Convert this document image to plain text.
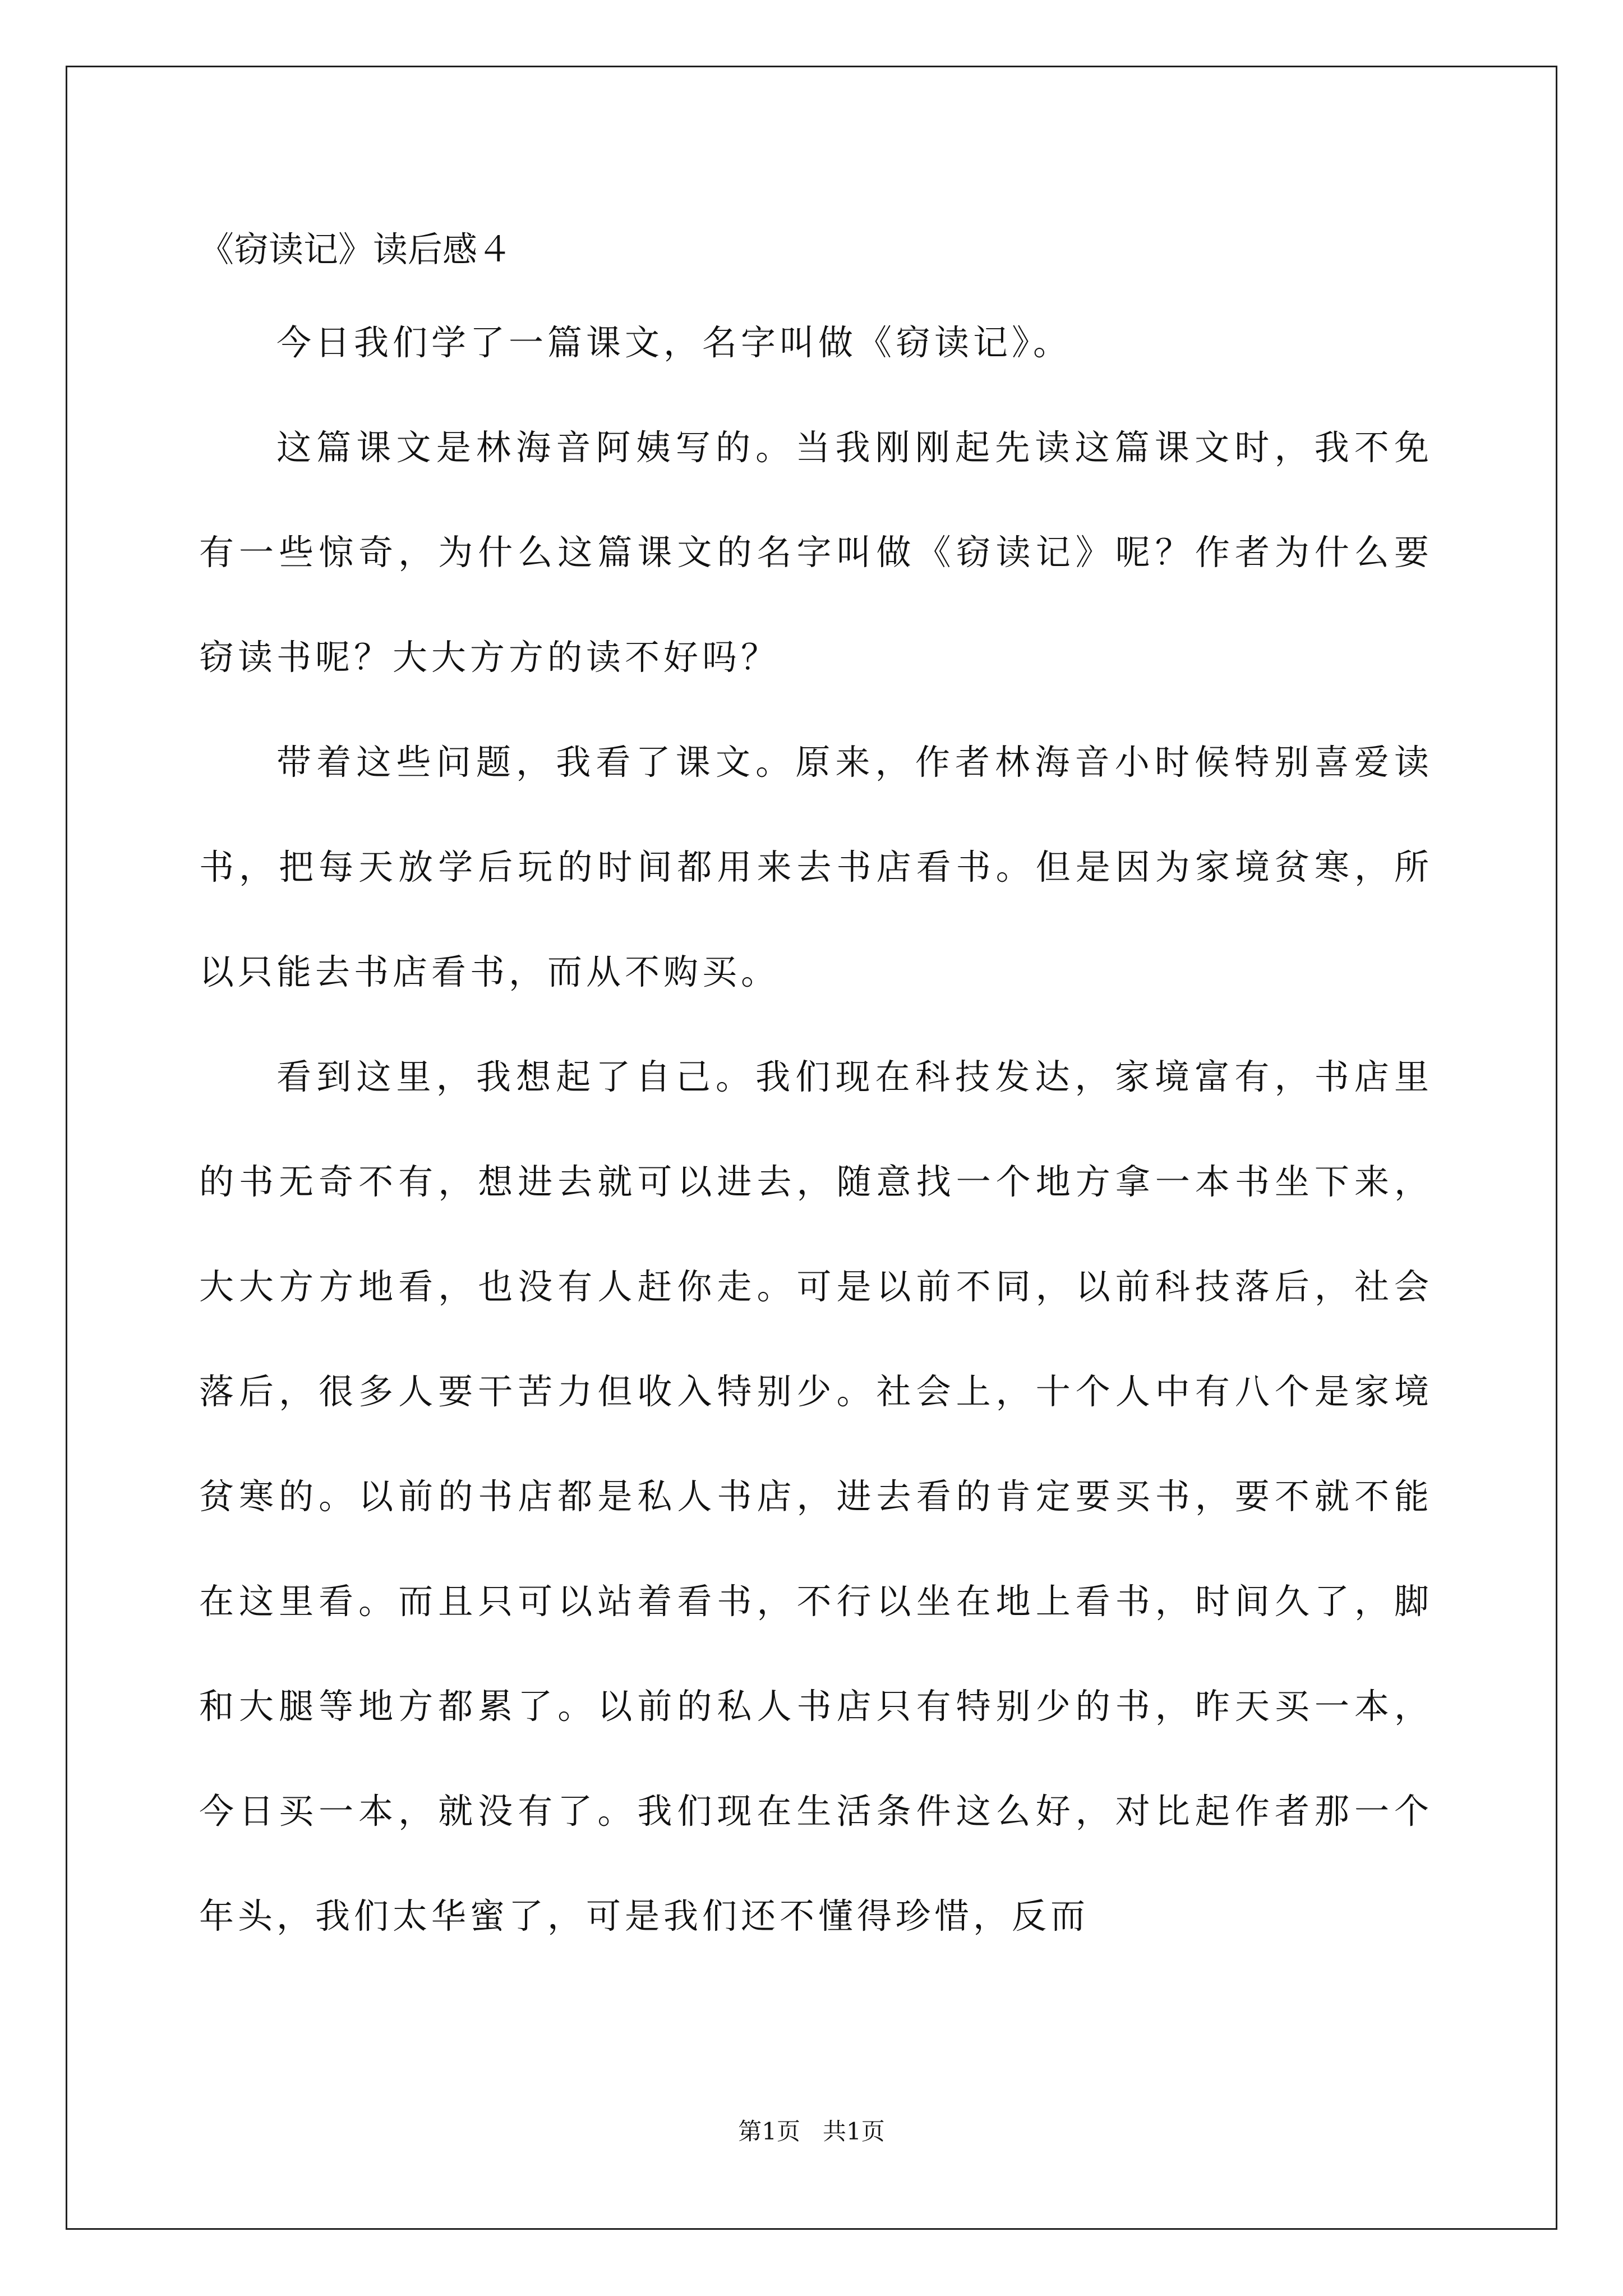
《窃读记》读后感４

今日我们学了一篇课文，名字叫做《窃读记》。

这篇课文是林海音阿姨写的。当我刚刚起先读这篇课文时，我不免有一些惊奇，为什么这篇课文的名字叫做《窃读记》呢？作者为什么要窃读书呢？大大方方的读不好吗？

带着这些问题，我看了课文。原来，作者林海音小时候特别喜爱读书，把每天放学后玩的时间都用来去书店看书。但是因为家境贫寒，所以只能去书店看书，而从不购买。

看到这里，我想起了自己。我们现在科技发达，家境富有，书店里的书无奇不有，想进去就可以进去，随意找一个地方拿一本书坐下来，大大方方地看，也没有人赶你走。可是以前不同，以前科技落后，社会落后，很多人要干苦力但收入特别少。社会上，十个人中有八个是家境贫寒的。以前的书店都是私人书店，进去看的肯定要买书，要不就不能在这里看。而且只可以站着看书，不行以坐在地上看书，时间久了，脚和大腿等地方都累了。以前的私人书店只有特别少的书，昨天买一本，今日买一本，就没有了。我们现在生活条件这么好，对比起作者那一个年头，我们太华蜜了，可是我们还不懂得珍惜，反而

第1页   共1页
